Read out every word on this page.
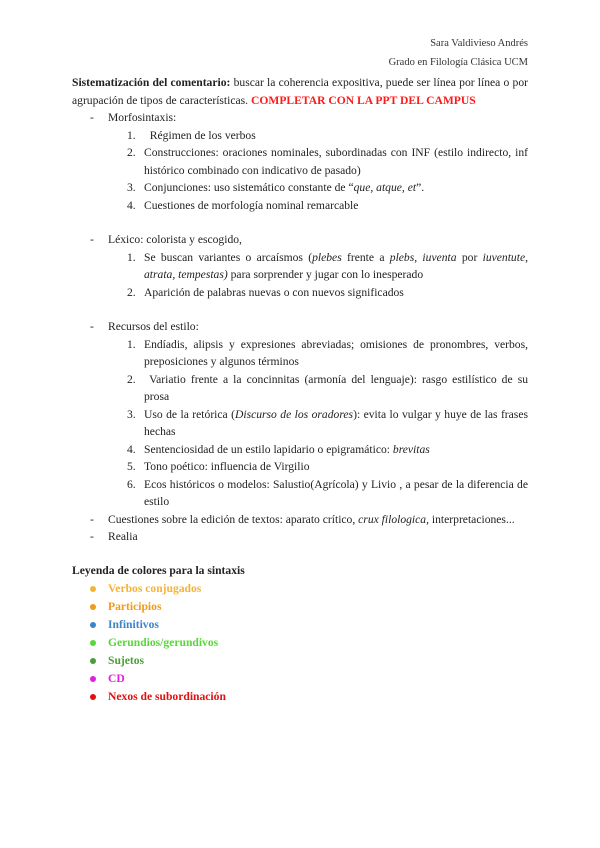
Sara Valdivieso Andrés
Grado en Filología Clásica UCM

Sistematización del comentario: buscar la coherencia expositiva, puede ser línea por línea o por agrupación de tipos de características. COMPLETAR CON LA PPT DEL CAMPUS

- Morfosintaxis:
1. Régimen de los verbos
2. Construcciones: oraciones nominales, subordinadas con INF (estilo indirecto, inf histórico combinado con indicativo de pasado)
3. Conjunciones: uso sistemático constante de “que, atque, et”.
4. Cuestiones de morfología nominal remarcable
- Léxico: colorista y escogido,
1. Se buscan variantes o arcaísmos (plebes frente a plebs, iuventa por iuventute, atrata, tempestas) para sorprender y jugar con lo inesperado
2. Aparición de palabras nuevas o con nuevos significados
- Recursos del estilo:
1. Endíadis, alipsis y expresiones abreviadas; omisiones de pronombres, verbos, preposiciones y algunos términos
2. Variatio frente a la concinnitas (armonía del lenguaje): rasgo estilístico de su prosa
3. Uso de la retórica (Discurso de los oradores): evita lo vulgar y huye de las frases hechas
4. Sentenciosidad de un estilo lapidario o epigramático: brevitas
5. Tono poético: influencia de Virgilio
6. Ecos históricos o modelos: Salustio(Agrícola) y Livio , a pesar de la diferencia de estilo
- Cuestiones sobre la edición de textos: aparato crítico, crux filologica, interpretaciones...
- Realia
Leyenda de colores para la sintaxis
Verbos conjugados
Participios
Infinitivos
Gerundios/gerundivos
Sujetos
CD
Nexos de subordinación
